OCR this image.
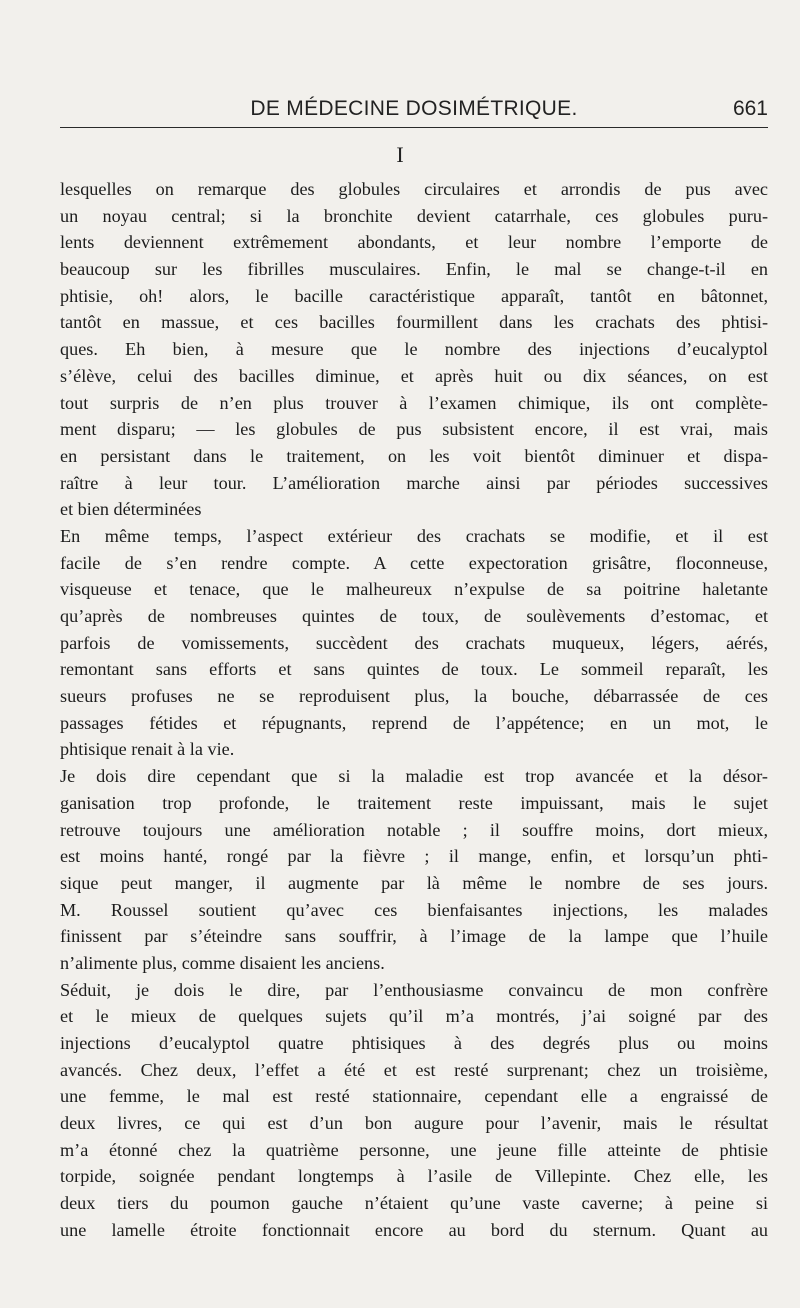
DE MÉDECINE DOSIMÉTRIQUE.	661
I
lesquelles on remarque des globules circulaires et arrondis de pus avec
un noyau central; si la bronchite devient catarrhale, ces globules puru-
lents deviennent extrêmement abondants, et leur nombre l’emporte de
beaucoup sur les fibrilles musculaires. Enfin, le mal se change-t-il en
phtisie, oh! alors, le bacille caractéristique apparaît, tantôt en bâtonnet,
tantôt en massue, et ces bacilles fourmillent dans les crachats des phtisi-
ques. Eh bien, à mesure que le nombre des injections d’eucalyptol
s’élève, celui des bacilles diminue, et après huit ou dix séances, on est
tout surpris de n’en plus trouver à l’examen chimique, ils ont complète-
ment disparu; — les globules de pus subsistent encore, il est vrai, mais
en persistant dans le traitement, on les voit bientôt diminuer et dispa-
raître à leur tour. L’amélioration marche ainsi par périodes successives
et bien déterminées
En même temps, l’aspect extérieur des crachats se modifie, et il est
facile de s’en rendre compte. A cette expectoration grisâtre, floconneuse,
visqueuse et tenace, que le malheureux n’expulse de sa poitrine haletante
qu’après de nombreuses quintes de toux, de soulèvements d’estomac, et
parfois de vomissements, succèdent des crachats muqueux, légers, aérés,
remontant sans efforts et sans quintes de toux. Le sommeil reparaît, les
sueurs profuses ne se reproduisent plus, la bouche, débarrassée de ces
passages fétides et répugnants, reprend de l’appétence; en un mot, le
phtisique renait à la vie.
Je dois dire cependant que si la maladie est trop avancée et la désor-
ganisation trop profonde, le traitement reste impuissant, mais le sujet
retrouve toujours une amélioration notable ; il souffre moins, dort mieux,
est moins hanté, rongé par la fièvre ; il mange, enfin, et lorsqu’un phti-
sique peut manger, il augmente par là même le nombre de ses jours.
M. Roussel soutient qu’avec ces bienfaisantes injections, les malades
finissent par s’éteindre sans souffrir, à l’image de la lampe que l’huile
n’alimente plus, comme disaient les anciens.
Séduit, je dois le dire, par l’enthousiasme convaincu de mon confrère
et le mieux de quelques sujets qu’il m’a montrés, j’ai soigné par des
injections d’eucalyptol quatre phtisiques à des degrés plus ou moins
avancés. Chez deux, l’effet a été et est resté surprenant; chez un troisième,
une femme, le mal est resté stationnaire, cependant elle a engraissé de
deux livres, ce qui est d’un bon augure pour l’avenir, mais le résultat
m’a étonné chez la quatrième personne, une jeune fille atteinte de phtisie
torpide, soignée pendant longtemps à l’asile de Villepinte. Chez elle, les
deux tiers du poumon gauche n’étaient qu’une vaste caverne; à peine si
une lamelle étroite fonctionnait encore au bord du sternum. Quant au
